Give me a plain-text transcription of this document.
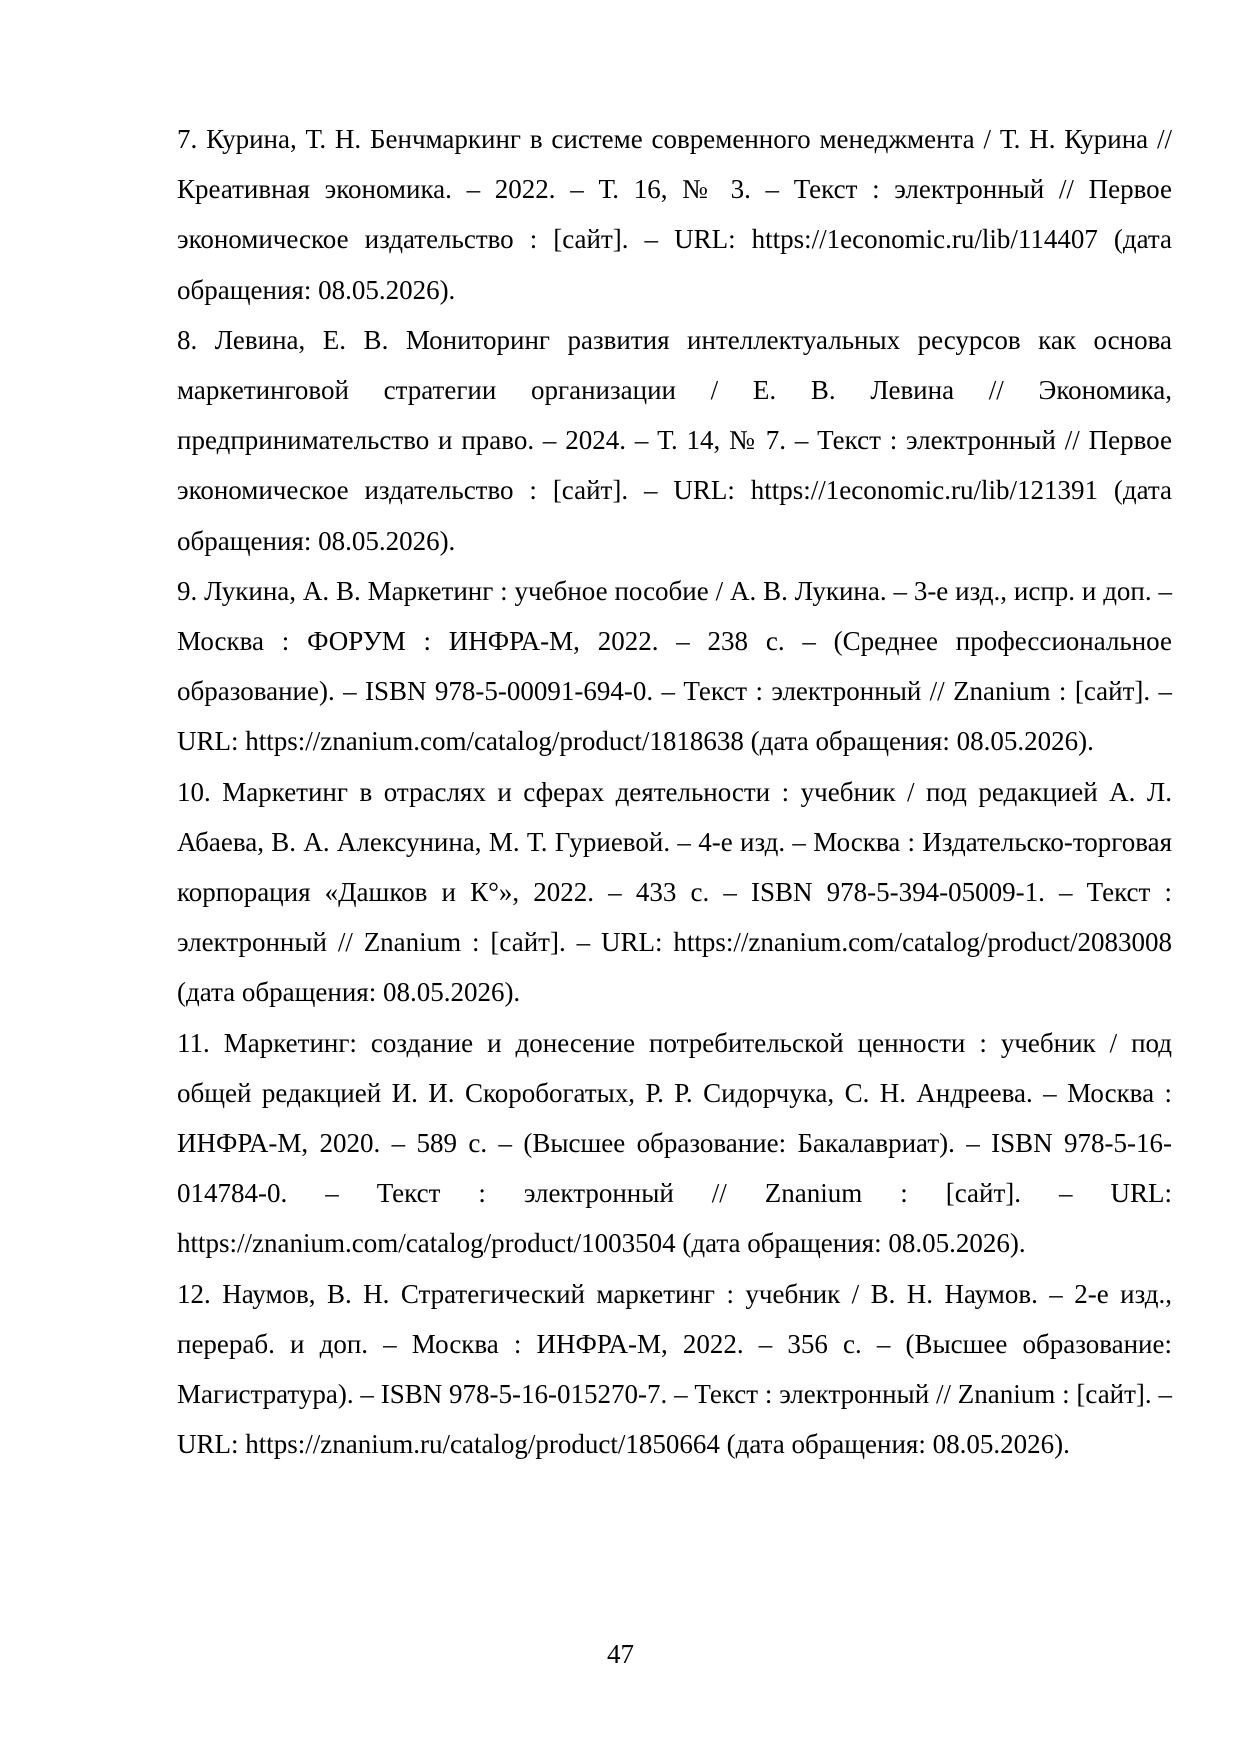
7. Курина, Т. Н. Бенчмаркинг в системе современного менеджмента / Т. Н. Курина // Креативная экономика. – 2022. – Т. 16, № 3. – Текст : электронный // Первое экономическое издательство : [сайт]. – URL: https://1economic.ru/lib/114407 (дата обращения: 08.05.2026).

8. Левина, Е. В. Мониторинг развития интеллектуальных ресурсов как основа маркетинговой стратегии организации / Е. В. Левина // Экономика, предпринимательство и право. – 2024. – Т. 14, № 7. – Текст : электронный // Первое экономическое издательство : [сайт]. – URL: https://1economic.ru/lib/121391 (дата обращения: 08.05.2026).

9. Лукина, А. В. Маркетинг : учебное пособие / А. В. Лукина. – 3-е изд., испр. и доп. – Москва : ФОРУМ : ИНФРА-М, 2022. – 238 с. – (Среднее профессиональное образование). – ISBN 978-5-00091-694-0. – Текст : электронный // Znanium : [сайт]. – URL: https://znanium.com/catalog/product/1818638 (дата обращения: 08.05.2026).

10. Маркетинг в отраслях и сферах деятельности : учебник / под редакцией А. Л. Абаева, В. А. Алексунина, М. Т. Гуриевой. – 4-е изд. – Москва : Издательско-торговая корпорация «Дашков и К°», 2022. – 433 с. – ISBN 978-5-394-05009-1. – Текст : электронный // Znanium : [сайт]. – URL: https://znanium.com/catalog/product/2083008 (дата обращения: 08.05.2026).

11. Маркетинг: создание и донесение потребительской ценности : учебник / под общей редакцией И. И. Скоробогатых, Р. Р. Сидорчука, С. Н. Андреева. – Москва : ИНФРА-М, 2020. – 589 с. – (Высшее образование: Бакалавриат). – ISBN 978-5-16-014784-0. – Текст : электронный // Znanium : [сайт]. – URL: https://znanium.com/catalog/product/1003504 (дата обращения: 08.05.2026).

12. Наумов, В. Н. Стратегический маркетинг : учебник / В. Н. Наумов. – 2-е изд., перераб. и доп. – Москва : ИНФРА-М, 2022. – 356 с. – (Высшее образование: Магистратура). – ISBN 978-5-16-015270-7. – Текст : электронный // Znanium : [сайт]. – URL: https://znanium.ru/catalog/product/1850664 (дата обращения: 08.05.2026).

47
